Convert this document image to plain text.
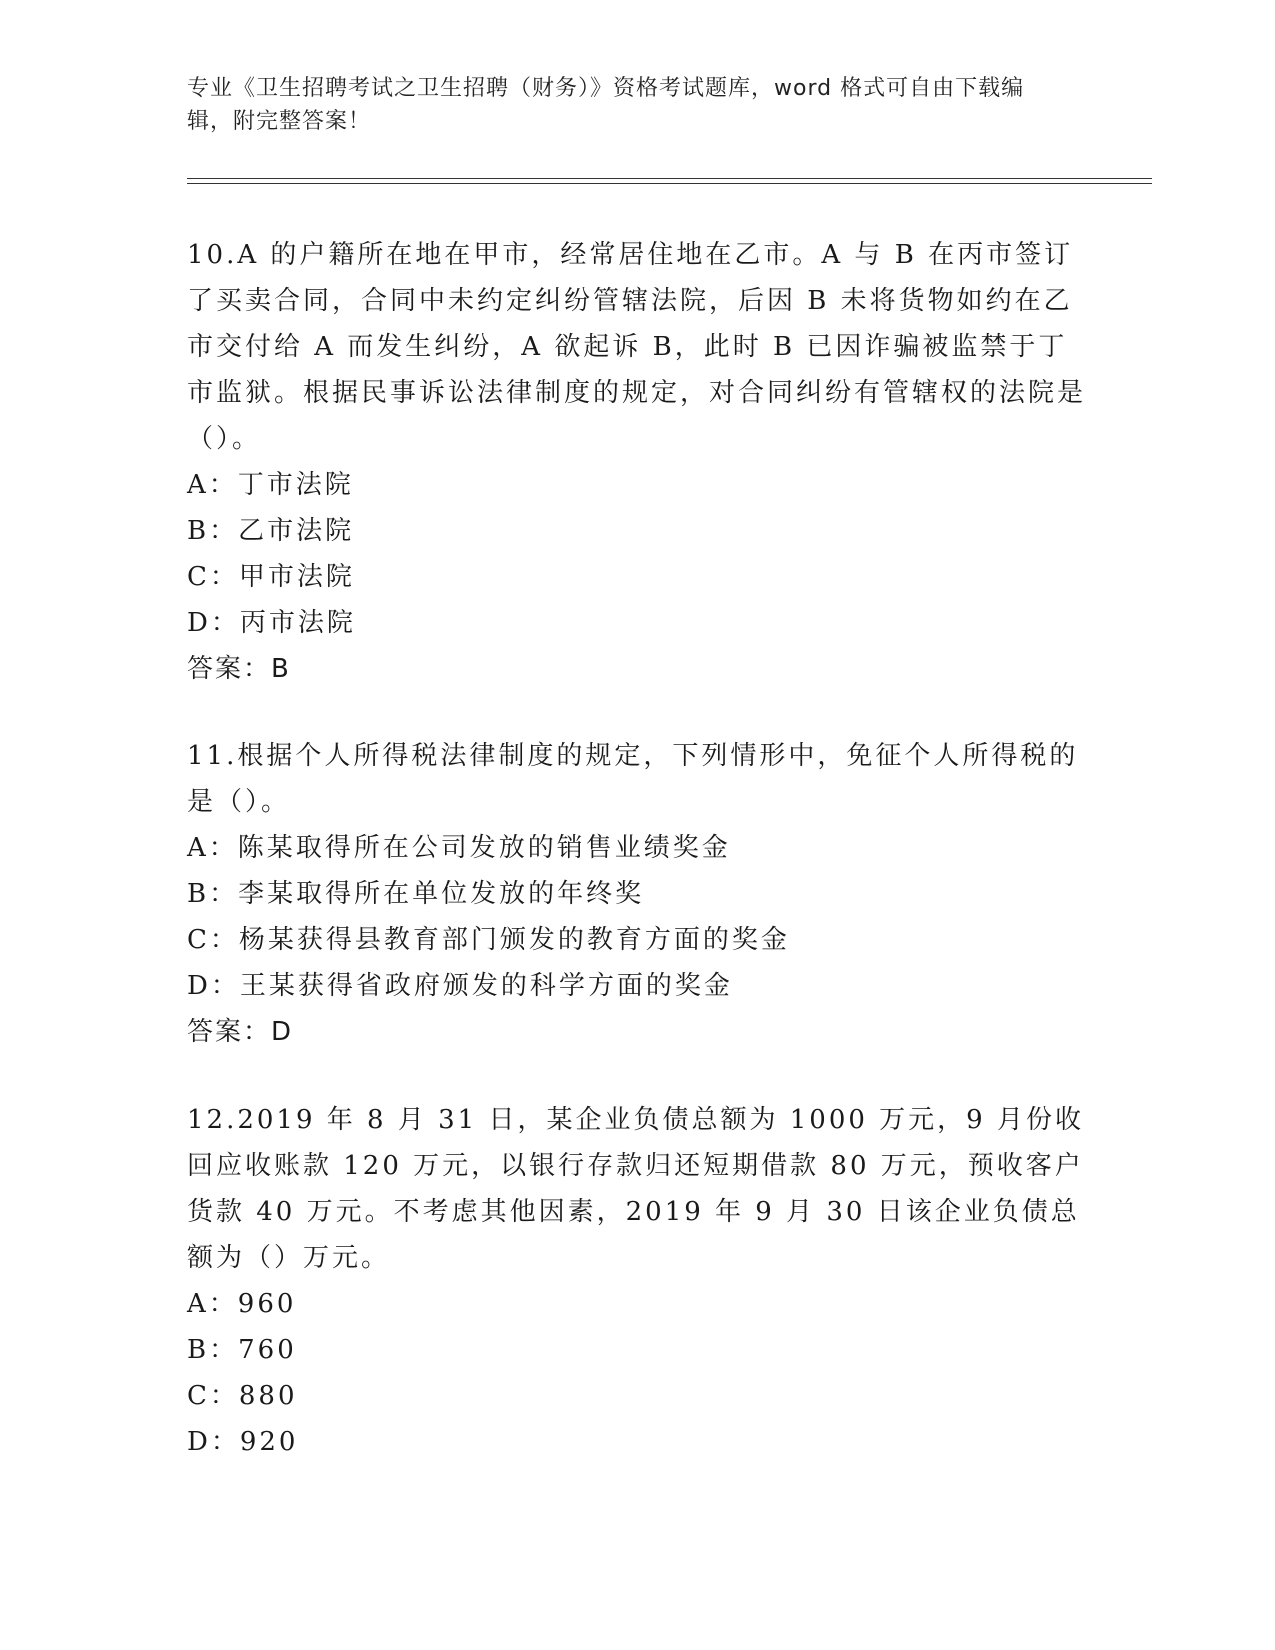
专业《卫生招聘考试之卫生招聘（财务）》资格考试题库，word 格式可自由下载编辑，附完整答案！

10.A 的户籍所在地在甲市，经常居住地在乙市。A 与 B 在丙市签订了买卖合同，合同中未约定纠纷管辖法院，后因 B 未将货物如约在乙市交付给 A 而发生纠纷，A 欲起诉 B，此时 B 已因诈骗被监禁于丁市监狱。根据民事诉讼法律制度的规定，对合同纠纷有管辖权的法院是（）。

A：丁市法院
B：乙市法院
C：甲市法院
D：丙市法院
答案：B

11.根据个人所得税法律制度的规定，下列情形中，免征个人所得税的是（）。

A：陈某取得所在公司发放的销售业绩奖金
B：李某取得所在单位发放的年终奖
C：杨某获得县教育部门颁发的教育方面的奖金
D：王某获得省政府颁发的科学方面的奖金
答案：D

12.2019 年 8 月 31 日，某企业负债总额为 1000 万元，9 月份收回应收账款 120 万元，以银行存款归还短期借款 80 万元，预收客户货款 40 万元。不考虑其他因素，2019 年 9 月 30 日该企业负债总额为（）万元。

A：960
B：760
C：880
D：920
